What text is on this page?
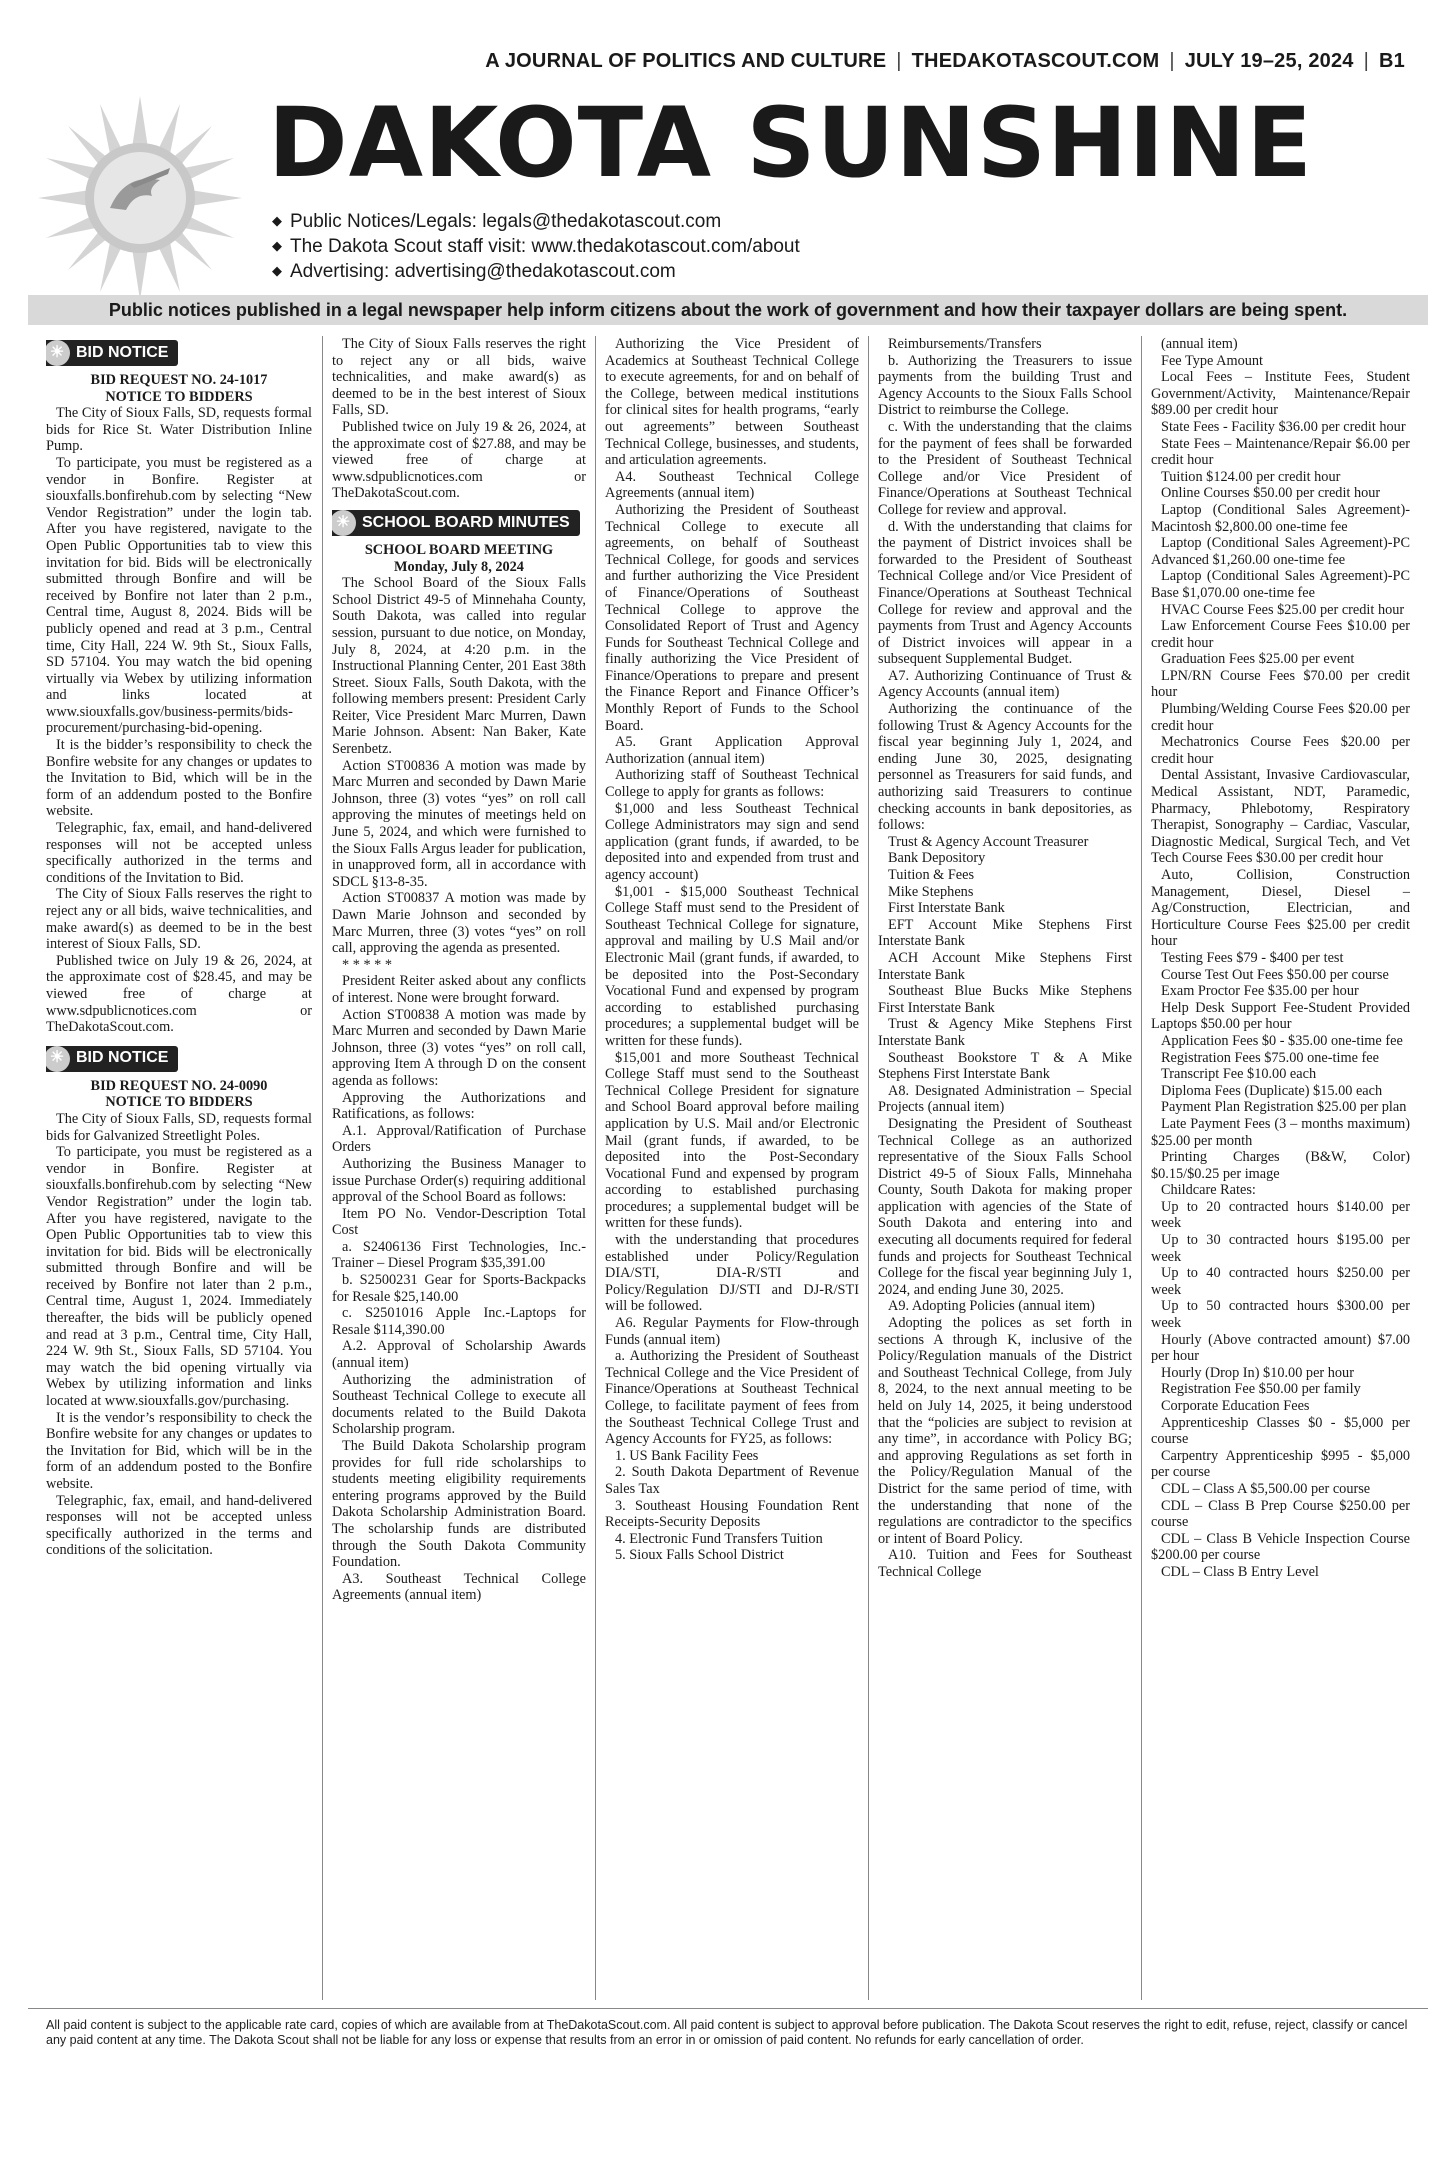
A JOURNAL OF POLITICS AND CULTURE | THEDAKOTASCOUT.COM | JULY 19–25, 2024 | B1
DAKOTA SUNSHINE
◆ Public Notices/Legals: legals@thedakotascout.com
◆ The Dakota Scout staff visit: www.thedakotascout.com/about
◆ Advertising: advertising@thedakotascout.com
Public notices published in a legal newspaper help inform citizens about the work of government and how their taxpayer dollars are being spent.
☀ BID NOTICE

BID REQUEST NO. 24-1017

NOTICE TO BIDDERS

The City of Sioux Falls, SD, requests formal bids for Rice St. Water Distribution Inline Pump.

To participate, you must be registered as a vendor in Bonfire. Register at siouxfalls.bonfirehub.com by selecting “New Vendor Registration” under the login tab. After you have registered, navigate to the Open Public Opportunities tab to view this invitation for bid. Bids will be electronically submitted through Bonfire and will be received by Bonfire not later than 2 p.m., Central time, August 8, 2024. Bids will be publicly opened and read at 3 p.m., Central time, City Hall, 224 W. 9th St., Sioux Falls, SD 57104. You may watch the bid opening virtually via Webex by utilizing information and links located at www.siouxfalls.gov/business-permits/bids-procurement/purchasing-bid-opening.

It is the bidder’s responsibility to check the Bonfire website for any changes or updates to the Invitation to Bid, which will be in the form of an addendum posted to the Bonfire website.

Telegraphic, fax, email, and hand-delivered responses will not be accepted unless specifically authorized in the terms and conditions of the Invitation to Bid.

The City of Sioux Falls reserves the right to reject any or all bids, waive technicalities, and make award(s) as deemed to be in the best interest of Sioux Falls, SD.

Published twice on July 19 & 26, 2024, at the approximate cost of $28.45, and may be viewed free of charge at www.sdpublicnotices.com or TheDakotaScout.com.

☀ BID NOTICE

BID REQUEST NO. 24-0090

NOTICE TO BIDDERS

The City of Sioux Falls, SD, requests formal bids for Galvanized Streetlight Poles.

To participate, you must be registered as a vendor in Bonfire. Register at siouxfalls.bonfirehub.com by selecting “New Vendor Registration” under the login tab. After you have registered, navigate to the Open Public Opportunities tab to view this invitation for bid. Bids will be electronically submitted through Bonfire and will be received by Bonfire not later than 2 p.m., Central time, August 1, 2024. Immediately thereafter, the bids will be publicly opened and read at 3 p.m., Central time, City Hall, 224 W. 9th St., Sioux Falls, SD 57104. You may watch the bid opening virtually via Webex by utilizing information and links located at www.siouxfalls.gov/purchasing.

It is the vendor’s responsibility to check the Bonfire website for any changes or updates to the Invitation for Bid, which will be in the form of an addendum posted to the Bonfire website.

Telegraphic, fax, email, and hand-delivered responses will not be accepted unless specifically authorized in the terms and conditions of the solicitation.

The City of Sioux Falls reserves the right to reject any or all bids, waive technicalities, and make award(s) as deemed to be in the best interest of Sioux Falls, SD.

Published twice on July 19 & 26, 2024, at the approximate cost of $27.88, and may be viewed free of charge at www.sdpublicnotices.com or TheDakotaScout.com.

☀ SCHOOL BOARD MINUTES

SCHOOL BOARD MEETING

Monday, July 8, 2024

The School Board of the Sioux Falls School District 49-5 of Minnehaha County, South Dakota, was called into regular session, pursuant to due notice, on Monday, July 8, 2024, at 4:20 p.m. in the Instructional Planning Center, 201 East 38th Street. Sioux Falls, South Dakota, with the following members present: President Carly Reiter, Vice President Marc Murren, Dawn Marie Johnson. Absent: Nan Baker, Kate Serenbetz.

Action ST00836 A motion was made by Marc Murren and seconded by Dawn Marie Johnson, three (3) votes “yes” on roll call approving the minutes of meetings held on June 5, 2024, and which were furnished to the Sioux Falls Argus leader for publication, in unapproved form, all in accordance with SDCL §13-8-35.

Action ST00837 A motion was made by Dawn Marie Johnson and seconded by Marc Murren, three (3) votes “yes” on roll call, approving the agenda as presented.

* * * * *

President Reiter asked about any conflicts of interest. None were brought forward.

Action ST00838 A motion was made by Marc Murren and seconded by Dawn Marie Johnson, three (3) votes “yes” on roll call, approving Item A through D on the consent agenda as follows:

Approving the Authorizations and Ratifications, as follows:

A.1. Approval/Ratification of Purchase Orders

Authorizing the Business Manager to issue Purchase Order(s) requiring additional approval of the School Board as follows:

Item PO No. Vendor-Description Total Cost

a. S2406136 First Technologies, Inc.-Trainer – Diesel Program $35,391.00

b. S2500231 Gear for Sports-Backpacks for Resale $25,140.00

c. S2501016 Apple Inc.-Laptops for Resale $114,390.00

A.2. Approval of Scholarship Awards (annual item)

Authorizing the administration of Southeast Technical College to execute all documents related to the Build Dakota Scholarship program.

The Build Dakota Scholarship program provides for full ride scholarships to students meeting eligibility requirements entering programs approved by the Build Dakota Scholarship Administration Board. The scholarship funds are distributed through the South Dakota Community Foundation.

A3. Southeast Technical College Agreements (annual item)

Authorizing the Vice President of Academics at Southeast Technical College to execute agreements, for and on behalf of the College, between medical institutions for clinical sites for health programs, “early out agreements” between Southeast Technical College, businesses, and students, and articulation agreements.

A4. Southeast Technical College Agreements (annual item)

Authorizing the President of Southeast Technical College to execute all agreements, on behalf of Southeast Technical College, for goods and services and further authorizing the Vice President of Finance/Operations of Southeast Technical College to approve the Consolidated Report of Trust and Agency Funds for Southeast Technical College and finally authorizing the Vice President of Finance/Operations to prepare and present the Finance Report and Finance Officer’s Monthly Report of Funds to the School Board.

A5. Grant Application Approval Authorization (annual item)

Authorizing staff of Southeast Technical College to apply for grants as follows:

$1,000 and less Southeast Technical College Administrators may sign and send application (grant funds, if awarded, to be deposited into and expended from trust and agency account)

$1,001 - $15,000 Southeast Technical College Staff must send to the President of Southeast Technical College for signature, approval and mailing by U.S Mail and/or Electronic Mail (grant funds, if awarded, to be deposited into the Post-Secondary Vocational Fund and expensed by program according to established purchasing procedures; a supplemental budget will be written for these funds).

$15,001 and more Southeast Technical College Staff must send to the Southeast Technical College President for signature and School Board approval before mailing application by U.S. Mail and/or Electronic Mail (grant funds, if awarded, to be deposited into the Post-Secondary Vocational Fund and expensed by program according to established purchasing procedures; a supplemental budget will be written for these funds).

with the understanding that procedures established under Policy/Regulation DIA/STI, DIA-R/STI and Policy/Regulation DJ/STI and DJ-R/STI will be followed.

A6. Regular Payments for Flow-through Funds (annual item)

a. Authorizing the President of Southeast Technical College and the Vice President of Finance/Operations at Southeast Technical College, to facilitate payment of fees from the Southeast Technical College Trust and Agency Accounts for FY25, as follows:

1. US Bank Facility Fees

2. South Dakota Department of Revenue Sales Tax

3. Southeast Housing Foundation Rent Receipts-Security Deposits

4. Electronic Fund Transfers Tuition

5. Sioux Falls School District

Reimbursements/Transfers

b. Authorizing the Treasurers to issue payments from the building Trust and Agency Accounts to the Sioux Falls School District to reimburse the College.

c. With the understanding that the claims for the payment of fees shall be forwarded to the President of Southeast Technical College and/or Vice President of Finance/Operations at Southeast Technical College for review and approval.

d. With the understanding that claims for the payment of District invoices shall be forwarded to the President of Southeast Technical College and/or Vice President of Finance/Operations at Southeast Technical College for review and approval and the payments from Trust and Agency Accounts of District invoices will appear in a subsequent Supplemental Budget.

A7. Authorizing Continuance of Trust & Agency Accounts (annual item)

Authorizing the continuance of the following Trust & Agency Accounts for the fiscal year beginning July 1, 2024, and ending June 30, 2025, designating personnel as Treasurers for said funds, and authorizing said Treasurers to continue checking accounts in bank depositories, as follows:

Trust & Agency Account Treasurer

Bank Depository

Tuition & Fees

Mike Stephens

First Interstate Bank

EFT Account Mike Stephens First Interstate Bank

ACH Account Mike Stephens First Interstate Bank

Southeast Blue Bucks Mike Stephens First Interstate Bank

Trust & Agency Mike Stephens First Interstate Bank

Southeast Bookstore T & A Mike Stephens First Interstate Bank

A8. Designated Administration – Special Projects (annual item)

Designating the President of Southeast Technical College as an authorized representative of the Sioux Falls School District 49-5 of Sioux Falls, Minnehaha County, South Dakota for making proper application with agencies of the State of South Dakota and entering into and executing all documents required for federal funds and projects for Southeast Technical College for the fiscal year beginning July 1, 2024, and ending June 30, 2025.

A9. Adopting Policies (annual item)

Adopting the polices as set forth in sections A through K, inclusive of the Policy/Regulation manuals of the District and Southeast Technical College, from July 8, 2024, to the next annual meeting to be held on July 14, 2025, it being understood that the “policies are subject to revision at any time”, in accordance with Policy BG; and approving Regulations as set forth in the Policy/Regulation Manual of the District for the same period of time, with the understanding that none of the regulations are contradictor to the specifics or intent of Board Policy.

A10. Tuition and Fees for Southeast Technical College

(annual item)

Fee Type Amount

Local Fees – Institute Fees, Student Government/Activity, Maintenance/Repair $89.00 per credit hour

State Fees - Facility $36.00 per credit hour

State Fees – Maintenance/Repair $6.00 per credit hour

Tuition $124.00 per credit hour

Online Courses $50.00 per credit hour

Laptop (Conditional Sales Agreement)-Macintosh $2,800.00 one-time fee

Laptop (Conditional Sales Agreement)-PC Advanced $1,260.00 one-time fee

Laptop (Conditional Sales Agreement)-PC Base $1,070.00 one-time fee

HVAC Course Fees $25.00 per credit hour

Law Enforcement Course Fees $10.00 per credit hour

Graduation Fees $25.00 per event

LPN/RN Course Fees $70.00 per credit hour

Plumbing/Welding Course Fees $20.00 per credit hour

Mechatronics Course Fees $20.00 per credit hour

Dental Assistant, Invasive Cardiovascular, Medical Assistant, NDT, Paramedic, Pharmacy, Phlebotomy, Respiratory Therapist, Sonography – Cardiac, Vascular, Diagnostic Medical, Surgical Tech, and Vet Tech Course Fees $30.00 per credit hour

Auto, Collision, Construction Management, Diesel, Diesel – Ag/Construction, Electrician, and Horticulture Course Fees $25.00 per credit hour

Testing Fees $79 - $400 per test

Course Test Out Fees $50.00 per course

Exam Proctor Fee $35.00 per hour

Help Desk Support Fee-Student Provided Laptops $50.00 per hour

Application Fees $0 - $35.00 one-time fee

Registration Fees $75.00 one-time fee

Transcript Fee $10.00 each

Diploma Fees (Duplicate) $15.00 each

Payment Plan Registration $25.00 per plan

Late Payment Fees (3 – months maximum) $25.00 per month

Printing Charges (B&W, Color) $0.15/$0.25 per image

Childcare Rates:

Up to 20 contracted hours $140.00 per week

Up to 30 contracted hours $195.00 per week

Up to 40 contracted hours $250.00 per week

Up to 50 contracted hours $300.00 per week

Hourly (Above contracted amount) $7.00 per hour

Hourly (Drop In) $10.00 per hour

Registration Fee $50.00 per family

Corporate Education Fees

Apprenticeship Classes $0 - $5,000 per course

Carpentry Apprenticeship $995 - $5,000 per course

CDL – Class A $5,500.00 per course

CDL – Class B Prep Course $250.00 per course

CDL – Class B Vehicle Inspection Course $200.00 per course

CDL – Class B Entry Level

All paid content is subject to the applicable rate card, copies of which are available from at TheDakotaScout.com. All paid content is subject to approval before publication. The Dakota Scout reserves the right to edit, refuse, reject, classify or cancel any paid content at any time. The Dakota Scout shall not be liable for any loss or expense that results from an error in or omission of paid content. No refunds for early cancellation of order.
